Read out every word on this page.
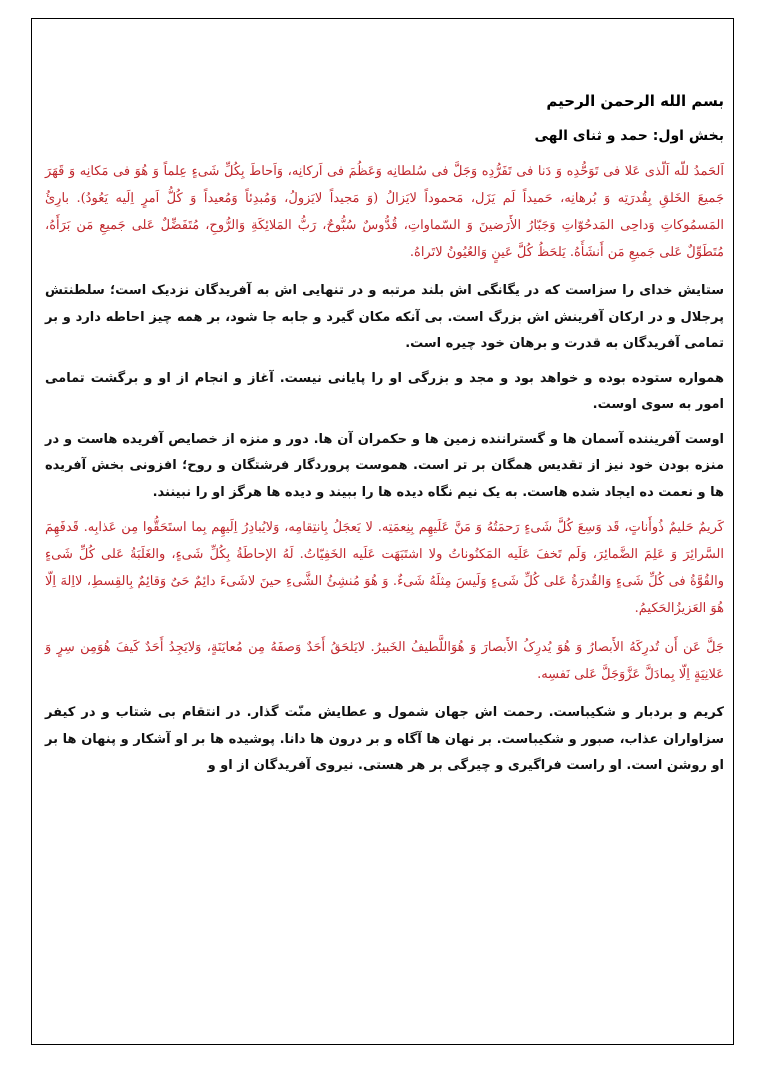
بسم الله الرحمن الرحيم
بخش اول: حمد و ثنای الهی

اَلحَمدُ للّه اَلّذی عَلا فی تَوَحُّدِه وَ دَنا فی تَفَرُّدِه وَجَلَّ فی سُلطانِه وَعَظُمَ فی اَرکانِه، وَاَحاطَ بِکُلِّ شَیءٍ عِلماً وَ هُوَ فی مَکانِه وَ قَهَرَ جَمیعَ الخَلقِ بِقُدرَتِه وَ بُرهانِه، حَمیداً لَم یَزَل، مَحموداً لایَزالُ (وَ مَجیداً لایَزولُ، وَمُبدِئاً وَمُعیداً وَ کُلُّ اَمرٍ اِلَیه یَعُودُ). بارِئُ المَسمُوکاتِ وَداحِی المَدحُوّاتِ وَجَبّارُ الأَرَضینَ وَ السّماواتِ، قُدُّوسٌ سُبُّوحٌ، رَبُّ المَلائِکَةِ وَالرُّوحِ، مُتَفَضِّلٌ عَلی جَمیعِ مَن بَرَأَهُ، مُتَطَوِّلٌ عَلی جَمیعِ مَن أَنشَأَهُ. یَلحَظُ کُلَّ عَینٍ وَالعُیُونُ لاتَراهُ.

ستایش خدای را سزاست که در یگانگی اش بلند مرتبه و در تنهایی اش به آفریدگان نزدیک است؛ سلطنتش پرجلال و در ارکان آفرینش اش بزرگ است. بی آنکه مکان گیرد و جابه جا شود، بر همه چیز احاطه دارد و بر تمامی آفریدگان به قدرت و برهان خود چیره است.

همواره ستوده بوده و خواهد بود و مجد و بزرگی او را پایانی نیست. آغاز و انجام از او و برگشت تمامی امور به سوی اوست.

اوست آفریننده آسمان ها و گستراننده زمین ها و حکمران آن ها. دور و منزه از خصایص آفریده هاست و در منزه بودن خود نیز از تقدیس همگان بر تر است. هموست پروردگار فرشتگان و روح؛ افزونی بخش آفریده ها و نعمت ده ایجاد شده هاست. به یک نیم نگاه دیده ها را ببیند و دیده ها هرگز او را نبینند.

کَریمٌ حَلیمٌ ذُوأَناتٍ، قَد وَسِعَ کُلَّ شَیءٍ رَحمَتُهُ وَ مَنَّ عَلَیهِم بِنِعمَتِه. لا یَعجَلُ بِانتِقامِه، وَلایُبادِرُ اِلَیهِم بِما استَحَقُّوا مِن عَذابِه. قَدفَهِمَ السَّرائِرَ وَ عَلِمَ الضَّمائِرَ، وَلَم تَخفَ عَلَیه المَکنُوناتُ ولا اشتَبَهَت عَلَیه الخَفِیّاتُ. لَهُ الإحاطَةُ بِکُلِّ شَیءٍ، والغَلَبَةُ عَلی کُلِّ شَیءٍ والقُوَّةُ فی کُلِّ شَیءٍ وَالقُدرَةُ عَلی کُلِّ شَیءٍ وَلَیسَ مِثلَهُ شَیءٌ. وَ هُوَ مُنشِئُ الشَّیءِ حینَ لاشَیءَ دائِمٌ حَیٌ وَقائِمٌ بِالقِسطِ، لااِلهَ اِلّا هُوَ العَزیزُالحَکیمُ.

جَلَّ عَن أَن تُدرِکَهُ الأَبصارُ وَ هُوَ یُدرِکُ الأَبصارَ وَ هُوَاللَّطیفُ الخَبیرُ. لایَلحَقُ أَحَدٌ وَصفَهُ مِن مُعایَنَةٍ، وَلایَجِدُ أَحَدٌ کَیفَ هُوَمِن سِرٍ وَ عَلانِیَةٍ اِلّا بِمادَلَّ عَزَّوَجَلَّ عَلی نَفسِه.

کریم و بردبار و شکیباست. رحمت اش جهان شمول و عطایش منّت گذار. در انتقام بی شتاب و در کیفر سزاواران عذاب، صبور و شکیباست. بر نهان ها آگاه و بر درون ها دانا. پوشیده ها بر او آشکار و پنهان ها بر او روشن است. او راست فراگیری و چیرگی بر هر هستی. نیروی آفریدگان از او و
